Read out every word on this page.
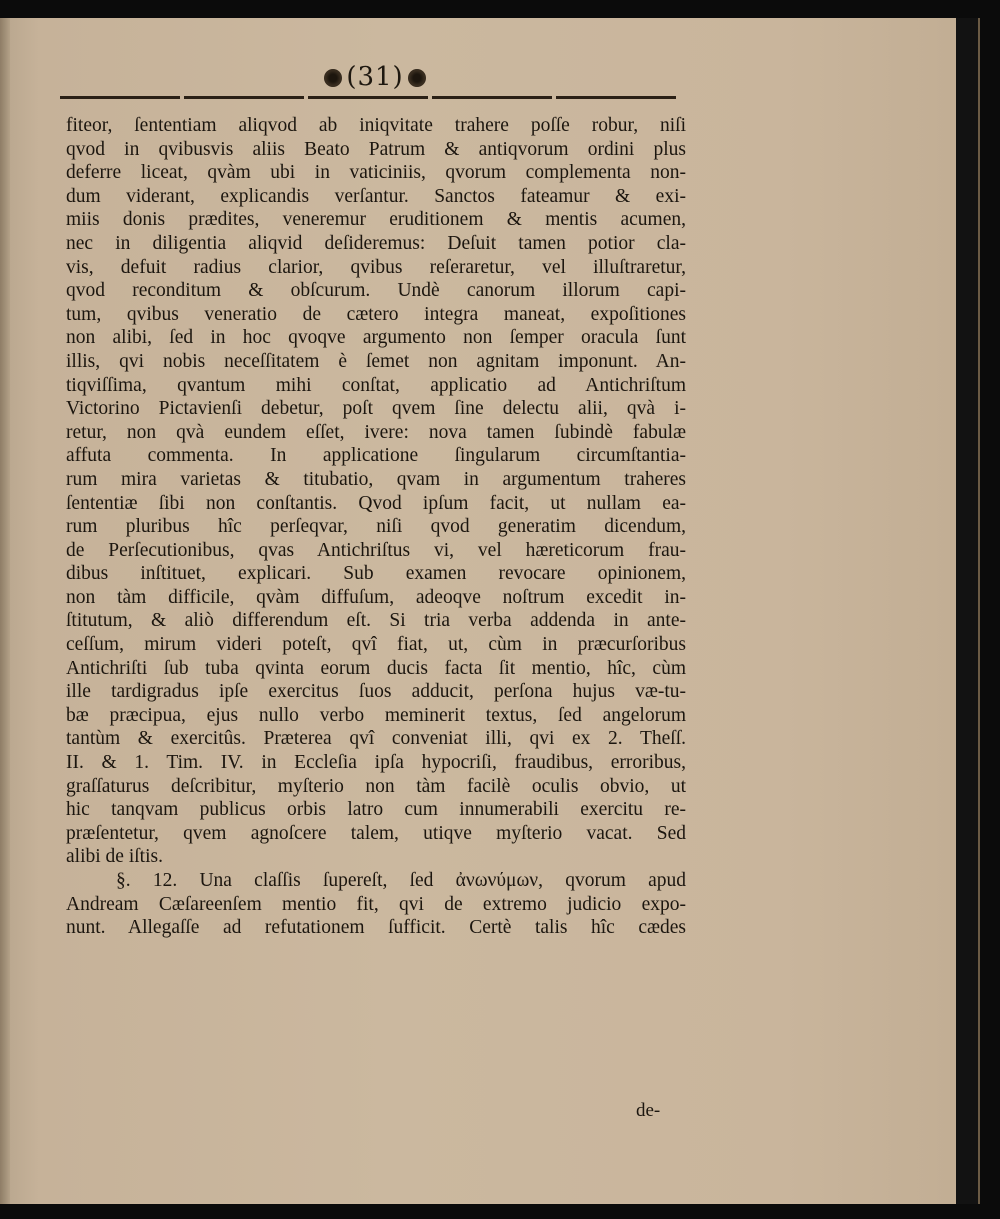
(31)
fiteor, ſententiam aliqvod ab iniqvitate trahere poſſe robur, niſi
qvod in qvibusvis aliis Beato Patrum & antiqvorum ordini plus
deferre liceat, qvàm ubi in vaticiniis, qvorum complementa non-
dum viderant, explicandis verſantur. Sanctos fateamur & exi-
miis donis prædites, veneremur eruditionem & mentis acumen,
nec in diligentia aliqvid deſideremus: Deſuit tamen potior cla-
vis, defuit radius clarior, qvibus reſeraretur, vel illuſtraretur,
qvod reconditum & obſcurum. Undè canorum illorum capi-
tum, qvibus veneratio de cætero integra maneat, expoſitiones
non alibi, ſed in hoc qvoqve argumento non ſemper oracula ſunt
illis, qvi nobis neceſſitatem è ſemet non agnitam imponunt. An-
tiqviſſima, qvantum mihi conſtat, applicatio ad Antichriſtum
Victorino Pictavienſi debetur, poſt qvem ſine delectu alii, qvà i-
retur, non qvà eundem eſſet, ivere: nova tamen ſubindè fabulæ
affuta commenta. In applicatione ſingularum circumſtantia-
rum mira varietas & titubatio, qvam in argumentum traheres
ſententiæ ſibi non conſtantis. Qvod ipſum facit, ut nullam ea-
rum pluribus hîc perſeqvar, niſi qvod generatim dicendum,
de Perſecutionibus, qvas Antichriſtus vi, vel hæreticorum frau-
dibus inſtituet, explicari. Sub examen revocare opinionem,
non tàm difficile, qvàm diffuſum, adeoqve noſtrum excedit in-
ſtitutum, & aliò differendum eſt. Si tria verba addenda in ante-
ceſſum, mirum videri poteſt, qvî fiat, ut, cùm in præcurſoribus
Antichriſti ſub tuba qvinta eorum ducis facta ſit mentio, hîc, cùm
ille tardigradus ipſe exercitus ſuos adducit, perſona hujus væ-tu-
bæ præcipua, ejus nullo verbo meminerit textus, ſed angelorum
tantùm & exercitûs. Præterea qvî conveniat illi, qvi ex 2. Theſſ.
II. & 1. Tim. IV. in Eccleſia ipſa hypocriſi, fraudibus, erroribus,
graſſaturus deſcribitur, myſterio non tàm facilè oculis obvio, ut
hic tanqvam publicus orbis latro cum innumerabili exercitu re-
præſentetur, qvem agnoſcere talem, utiqve myſterio vacat. Sed
alibi de iſtis.
§. 12. Una claſſis ſupereſt, ſed ἀνωνύμων, qvorum apud
Andream Cæſareenſem mentio fit, qvi de extremo judicio expo-
nunt. Allegaſſe ad refutationem ſufficit. Certè talis hîc cædes
de-
